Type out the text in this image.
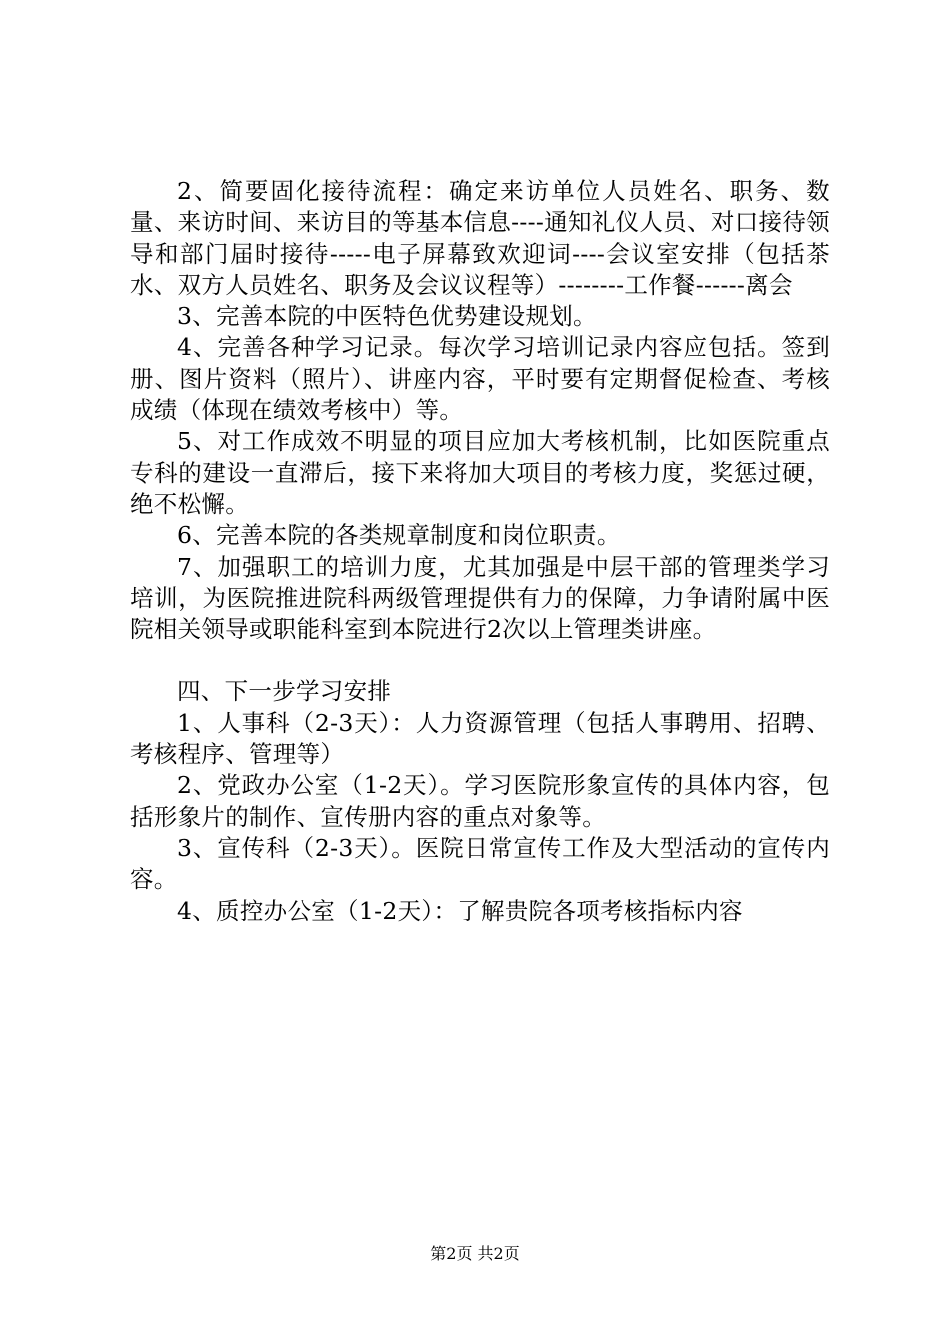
2、简要固化接待流程：确定来访单位人员姓名、职务、数量、来访时间、来访目的等基本信息----通知礼仪人员、对口接待领导和部门届时接待-----电子屏幕致欢迎词----会议室安排（包括茶水、双方人员姓名、职务及会议议程等）--------工作餐------离会

3、完善本院的中医特色优势建设规划。

4、完善各种学习记录。每次学习培训记录内容应包括。签到册、图片资料（照片）、讲座内容，平时要有定期督促检查、考核成绩（体现在绩效考核中）等。

5、对工作成效不明显的项目应加大考核机制，比如医院重点专科的建设一直滞后，接下来将加大项目的考核力度，奖惩过硬，绝不松懈。

6、完善本院的各类规章制度和岗位职责。

7、加强职工的培训力度，尤其加强是中层干部的管理类学习培训，为医院推进院科两级管理提供有力的保障，力争请附属中医院相关领导或职能科室到本院进行2次以上管理类讲座。

四、下一步学习安排

1、人事科（2-3天）：人力资源管理（包括人事聘用、招聘、考核程序、管理等）

2、党政办公室（1-2天）。学习医院形象宣传的具体内容，包括形象片的制作、宣传册内容的重点对象等。

3、宣传科（2-3天）。医院日常宣传工作及大型活动的宣传内容。

4、质控办公室（1-2天）：了解贵院各项考核指标内容

第2页 共2页
